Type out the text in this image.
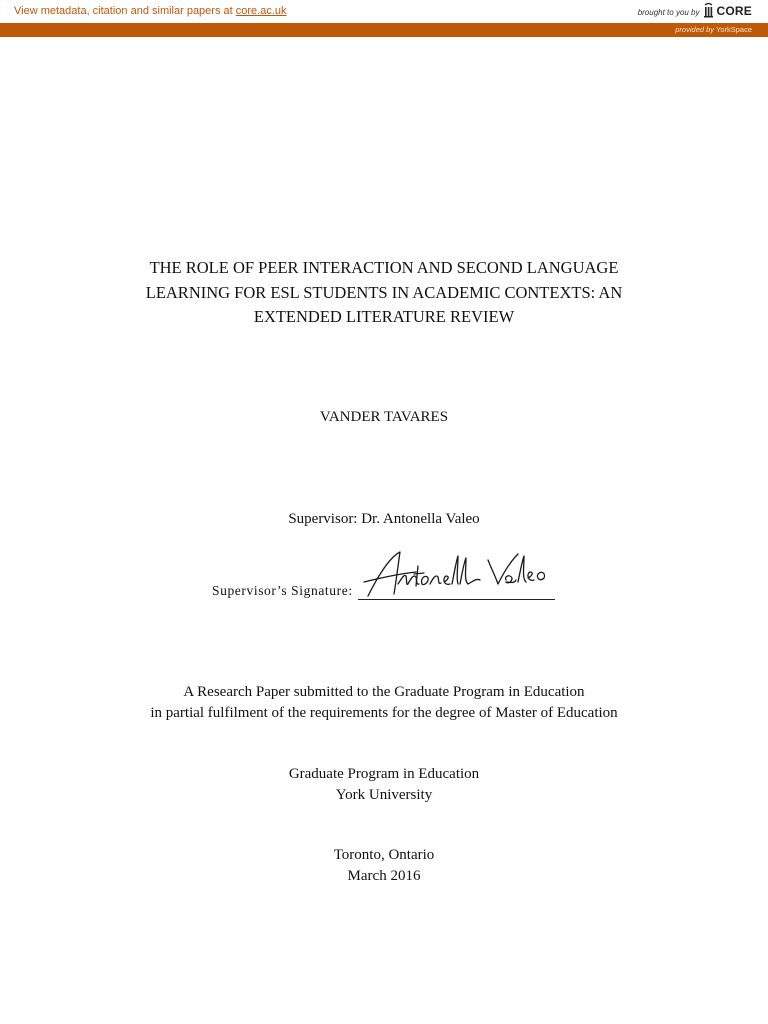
View metadata, citation and similar papers at core.ac.uk	brought to you by CORE
provided by YorkSpace
THE ROLE OF PEER INTERACTION AND SECOND LANGUAGE
LEARNING FOR ESL STUDENTS IN ACADEMIC CONTEXTS: AN
EXTENDED LITERATURE REVIEW
VANDER TAVARES
Supervisor: Dr. Antonella Valeo
Supervisor’s Signature:
A Research Paper submitted to the Graduate Program in Education
in partial fulfilment of the requirements for the degree of Master of Education
Graduate Program in Education
York University
Toronto, Ontario
March 2016
